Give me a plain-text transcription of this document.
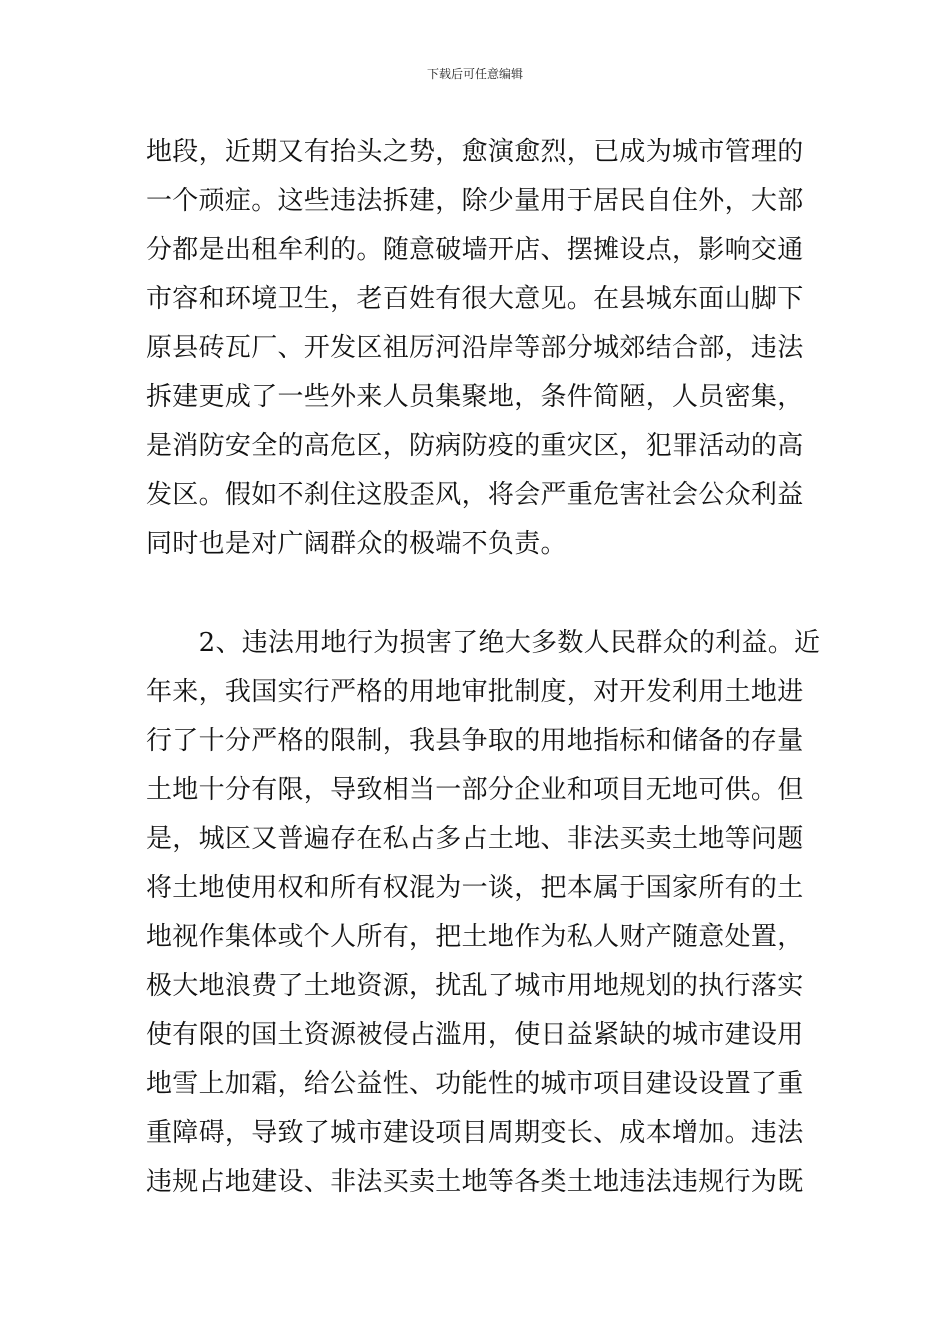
下载后可任意编辑
地段，近期又有抬头之势，愈演愈烈，已成为城市管理的
一个顽症。这些违法拆建，除少量用于居民自住外，大部
分都是出租牟利的。随意破墙开店、摆摊设点，影响交通
市容和环境卫生，老百姓有很大意见。在县城东面山脚下
原县砖瓦厂、开发区祖厉河沿岸等部分城郊结合部，违法
拆建更成了一些外来人员集聚地，条件简陋，人员密集，
是消防安全的高危区，防病防疫的重灾区，犯罪活动的高
发区。假如不刹住这股歪风，将会严重危害社会公众利益
同时也是对广阔群众的极端不负责。
　　2、违法用地行为损害了绝大多数人民群众的利益。近
年来，我国实行严格的用地审批制度，对开发利用土地进
行了十分严格的限制，我县争取的用地指标和储备的存量
土地十分有限，导致相当一部分企业和项目无地可供。但
是，城区又普遍存在私占多占土地、非法买卖土地等问题
将土地使用权和所有权混为一谈，把本属于国家所有的土
地视作集体或个人所有，把土地作为私人财产随意处置，
极大地浪费了土地资源，扰乱了城市用地规划的执行落实
使有限的国土资源被侵占滥用，使日益紧缺的城市建设用
地雪上加霜，给公益性、功能性的城市项目建设设置了重
重障碍，导致了城市建设项目周期变长、成本增加。违法
违规占地建设、非法买卖土地等各类土地违法违规行为既
